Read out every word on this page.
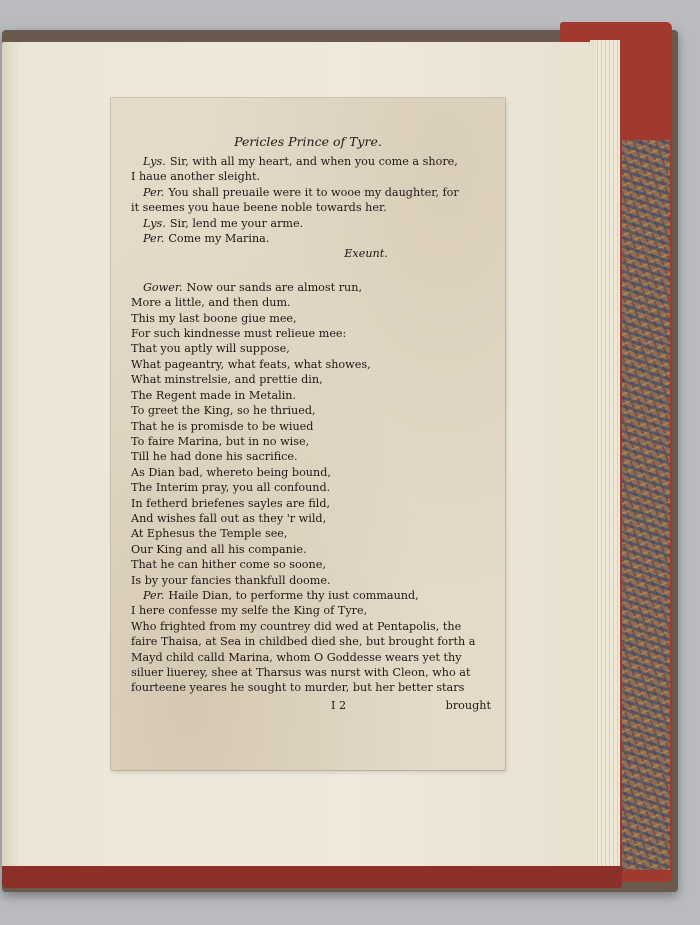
Pericles Prince of Tyre.
Lys. Sir, with all my heart, and when you come a shore,
I haue another sleight.
Per. You shall preuaile were it to wooe my daughter, for
it seemes you haue beene noble towards her.
Lys. Sir, lend me your arme.
Per. Come my Marina.
Exeunt.
Gower. Now our sands are almost run,
More a little, and then dum.
This my last boone giue mee,
For such kindnesse must relieue mee:
That you aptly will suppose,
What pageantry, what feats, what showes,
What minstrelsie, and prettie din,
The Regent made in Metalin.
To greet the King, so he thriued,
That he is promisde to be wiued
To faire Marina, but in no wise,
Till he had done his sacrifice.
As Dian bad, whereto being bound,
The Interim pray, you all confound.
In fetherd briefenes sayles are fild,
And wishes fall out as they 'r wild,
At Ephesus the Temple see,
Our King and all his companie.
That he can hither come so soone,
Is by your fancies thankfull doome.
Per. Haile Dian, to performe thy iust commaund,
I here confesse my selfe the King of Tyre,
Who frighted from my countrey did wed at Pentapolis, the
faire Thaisa, at Sea in childbed died she, but brought forth a
Mayd child calld Marina, whom O Goddesse wears yet thy
siluer liuerey, shee at Tharsus was nurst with Cleon, who at
fourteene yeares he sought to murder, but her better stars
I 2	brought
